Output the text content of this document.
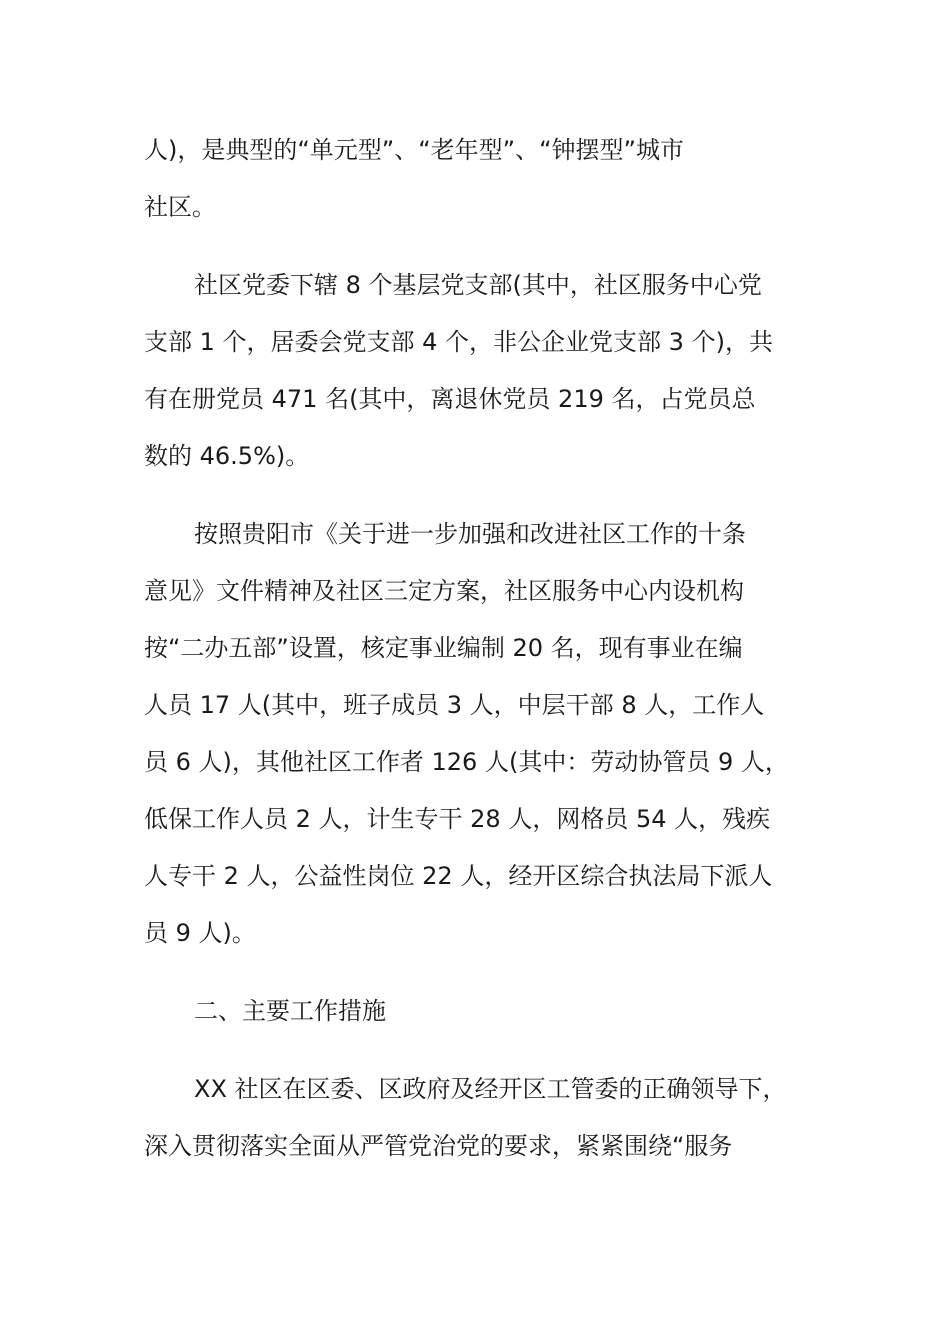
人)，是典型的“单元型”、“老年型”、“钟摆型”城市
社区。
社区党委下辖 8 个基层党支部(其中，社区服务中心党
支部 1 个，居委会党支部 4 个，非公企业党支部 3 个)，共
有在册党员 471 名(其中，离退休党员 219 名，占党员总
数的 46.5%)。
按照贵阳市《关于进一步加强和改进社区工作的十条
意见》文件精神及社区三定方案，社区服务中心内设机构
按“二办五部”设置，核定事业编制 20 名，现有事业在编
人员 17 人(其中，班子成员 3 人，中层干部 8 人，工作人
员 6 人)，其他社区工作者 126 人(其中：劳动协管员 9 人，
低保工作人员 2 人，计生专干 28 人，网格员 54 人，残疾
人专干 2 人，公益性岗位 22 人，经开区综合执法局下派人
员 9 人)。
二、主要工作措施
XX 社区在区委、区政府及经开区工管委的正确领导下，
深入贯彻落实全面从严管党治党的要求，紧紧围绕“服务
